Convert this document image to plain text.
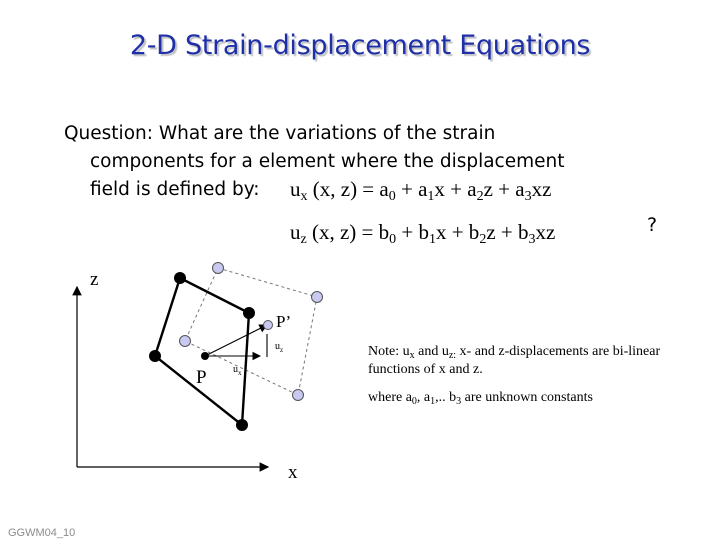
2-D Strain-displacement Equations
Question: What are the variations of the strain
components for a element where the displacement
field is defined by:	$u_x$ (x, $z) = a_0 + a_1x + a_2z + a_3xz$
$u_z$ (x, $z) = b_0 + b_1x + b_2z + b_3xz$	?
z
x
P
P’
$u_x$
$u_z$	Note: $u_x$ and $u_{z:}$ x- and z-displacements are bi-linear functions of x and z.

where $a_0$, $a_1$,.. $b_3$ are unknown constants

GGWM04_10
